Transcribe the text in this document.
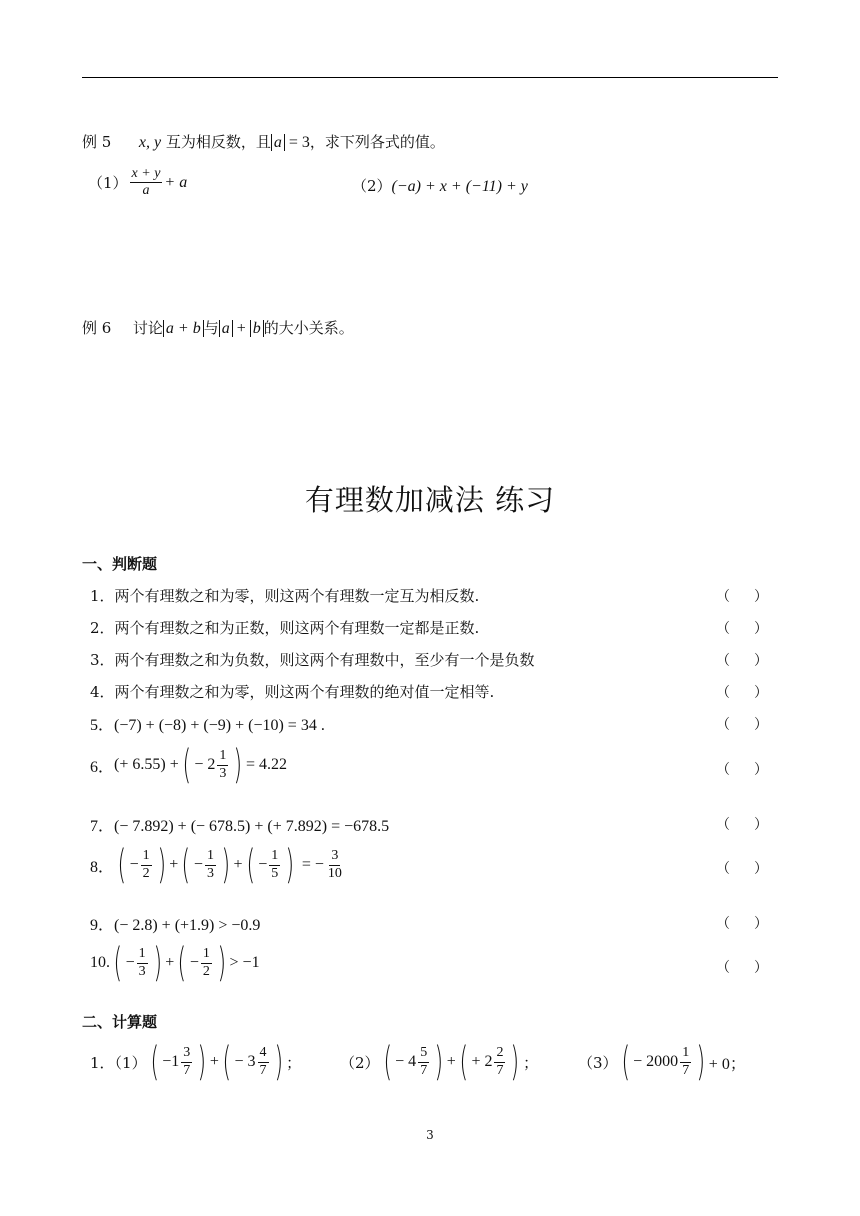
例 5 x, y 互为相反数，且 a = 3，求下列各式的值。
$(1) \frac{x + y}{a} + a$	（2）(−a) + x + (−11) + y
例 6 讨论 a + b 与 a + b 的大小关系。
有理数加减法 练习
一、判断题
1．两个有理数之和为零，则这两个有理数一定互为相反数.	（ ）
2．两个有理数之和为正数，则这两个有理数一定都是正数.	（ ）
3．两个有理数之和为负数，则这两个有理数中，至少有一个是负数	（ ）
4．两个有理数之和为零，则这两个有理数的绝对值一定相等.	（ ）
5．(−7) + (−8) + (−9) + (−10) = 34 .	（ ）
6． (+ 6.55) + ( − $2 \frac{1}{3}$ ) = 4.22	（ ）
7．(− 7.892) + (− 678.5) + (+ 7.892) = −678.5	（ ）
8． ( − $\frac{1}{2}$ ) + ( − $\frac{1}{3}$ ) + ( − $\frac{1}{5}$ ) = − $\frac{3}{10}$	（ ）
9．(− 2.8) + (+1.9) > −0.9	（ ）
10. ( − $\frac{1}{3}$ ) + ( − $\frac{1}{2}$ ) > −1	（ ）
二、计算题
1．（1） ( $-1 \frac{3}{7}$ ) + ( − $3 \frac{4}{7}$ ) ；	（2） ( − $4 \frac{5}{7}$ ) + ( + $2 \frac{2}{7}$ ) ；	（3） ( − $2000 \frac{1}{7}$ ) + 0；
3
